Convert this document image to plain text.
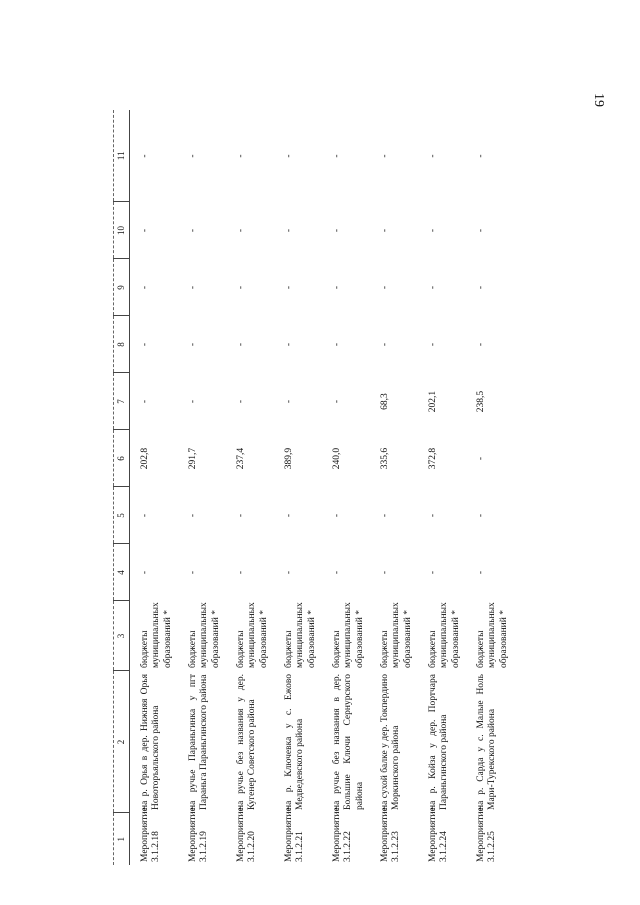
19
1	2	3	4	5	6	7	8	9	10	11
Мероприятие 3.1.2.18	на р. Орья в дер. Нижняя Орья Новоторъяльского района	бюджеты муниципальных образований *	-	-	202,8	-	-	-	-	-
Мероприятие 3.1.2.19	на ручье Параньгинка у пгт Параньга Параньгинского района	бюджеты муниципальных образований *	-	-	291,7	-	-	-	-	-
Мероприятие 3.1.2.20	на ручье без названия у дер. Кугенер Советского района	бюджеты муниципальных образований *	-	-	237,4	-	-	-	-	-
Мероприятие 3.1.2.21	на р. Ключевка у с. Ежово Медведевского района	бюджеты муниципальных образований *	-	-	389,9	-	-	-	-	-
Мероприятие 3.1.2.22	на ручье без названия в дер. Большие Ключи Сернурского района	бюджеты муниципальных образований *	-	-	240,0	-	-	-	-	-
Мероприятие 3.1.2.23	на сухой балке у дер. Токпердино Моркинского района	бюджеты муниципальных образований *	-	-	335,6	68,3	-	-	-	-
Мероприятие 3.1.2.24	на р. Койза у дер. Портчара Параньгинского района	бюджеты муниципальных образований *	-	-	372,8	202,1	-	-	-	-
Мероприятие 3.1.2.25	на р. Сарда у с. Малые Ноль Мари-Турекского района	бюджеты муниципальных образований *	-	-	-	238,5	-	-	-	-
